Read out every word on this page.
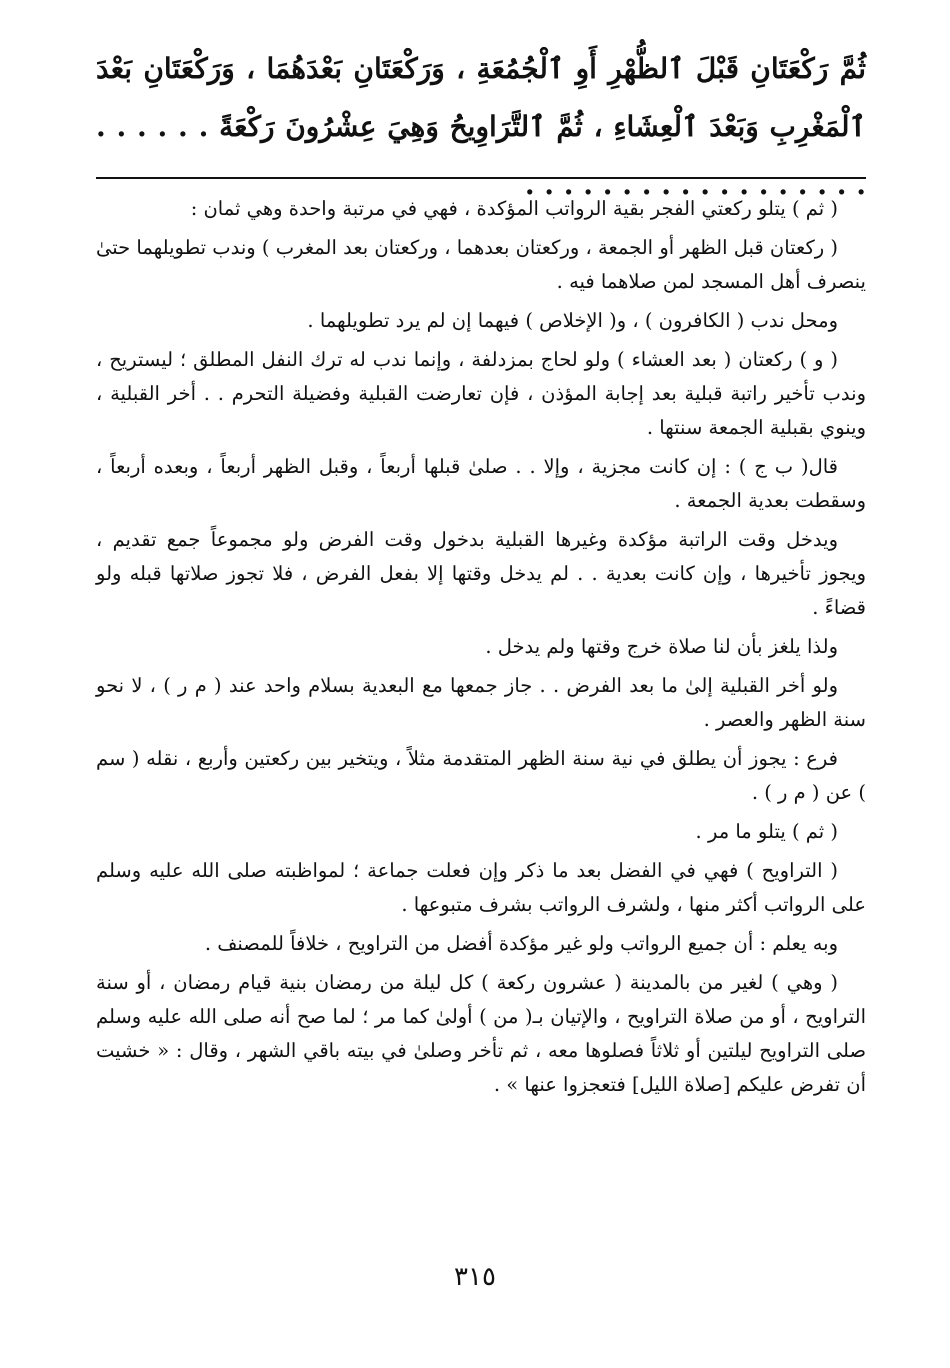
ثُمَّ رَكْعَتَانِ قَبْلَ ٱلظُّهْرِ أَوِ ٱلْجُمُعَةِ ، وَرَكْعَتَانِ بَعْدَهُمَا ، وَرَكْعَتَانِ بَعْدَ ٱلْمَغْرِبِ وَبَعْدَ ٱلْعِشَاءِ ، ثُمَّ ٱلتَّرَاوِيحُ وَهِيَ عِشْرُونَ رَكْعَةً . . . . . . . . . . . . . . . . . . . . . . . .

( ثم ) يتلو ركعتي الفجر بقية الرواتب المؤكدة ، فهي في مرتبة واحدة وهي ثمان :

( ركعتان قبل الظهر أو الجمعة ، وركعتان بعدهما ، وركعتان بعد المغرب ) وندب تطويلهما حتىٰ ينصرف أهل المسجد لمن صلاهما فيه .

ومحل ندب ( الكافرون ) ، و( الإخلاص ) فيهما إن لم يرد تطويلهما .

( و ) ركعتان ( بعد العشاء ) ولو لحاج بمزدلفة ، وإنما ندب له ترك النفل المطلق ؛ ليستريح ، وندب تأخير راتبة قبلية بعد إجابة المؤذن ، فإن تعارضت القبلية وفضيلة التحرم . . أخر القبلية ، وينوي بقبلية الجمعة سنتها .

قال( ب ج ) : إن كانت مجزية ، وإلا . . صلىٰ قبلها أربعاً ، وقبل الظهر أربعاً ، وبعده أربعاً ، وسقطت بعدية الجمعة .

ويدخل وقت الراتبة مؤكدة وغيرها القبلية بدخول وقت الفرض ولو مجموعاً جمع تقديم ، ويجوز تأخيرها ، وإن كانت بعدية . . لم يدخل وقتها إلا بفعل الفرض ، فلا تجوز صلاتها قبله ولو قضاءً .

ولذا يلغز بأن لنا صلاة خرج وقتها ولم يدخل .

ولو أخر القبلية إلىٰ ما بعد الفرض . . جاز جمعها مع البعدية بسلام واحد عند ( م ر ) ، لا نحو سنة الظهر والعصر .

فرع : يجوز أن يطلق في نية سنة الظهر المتقدمة مثلاً ، ويتخير بين ركعتين وأربع ، نقله ( سم ) عن ( م ر ) .

( ثم ) يتلو ما مر .

( التراويح ) فهي في الفضل بعد ما ذكر وإن فعلت جماعة ؛ لمواظبته صلى الله عليه وسلم على الرواتب أكثر منها ، ولشرف الرواتب بشرف متبوعها .

وبه يعلم : أن جميع الرواتب ولو غير مؤكدة أفضل من التراويح ، خلافاً للمصنف .

( وهي ) لغير من بالمدينة ( عشرون ركعة ) كل ليلة من رمضان بنية قيام رمضان ، أو سنة التراويح ، أو من صلاة التراويح ، والإتيان بـ( من ) أولىٰ كما مر ؛ لما صح أنه صلى الله عليه وسلم صلى التراويح ليلتين أو ثلاثاً فصلوها معه ، ثم تأخر وصلىٰ في بيته باقي الشهر ، وقال : « خشيت أن تفرض عليكم [صلاة الليل] فتعجزوا عنها » .

٣١٥
